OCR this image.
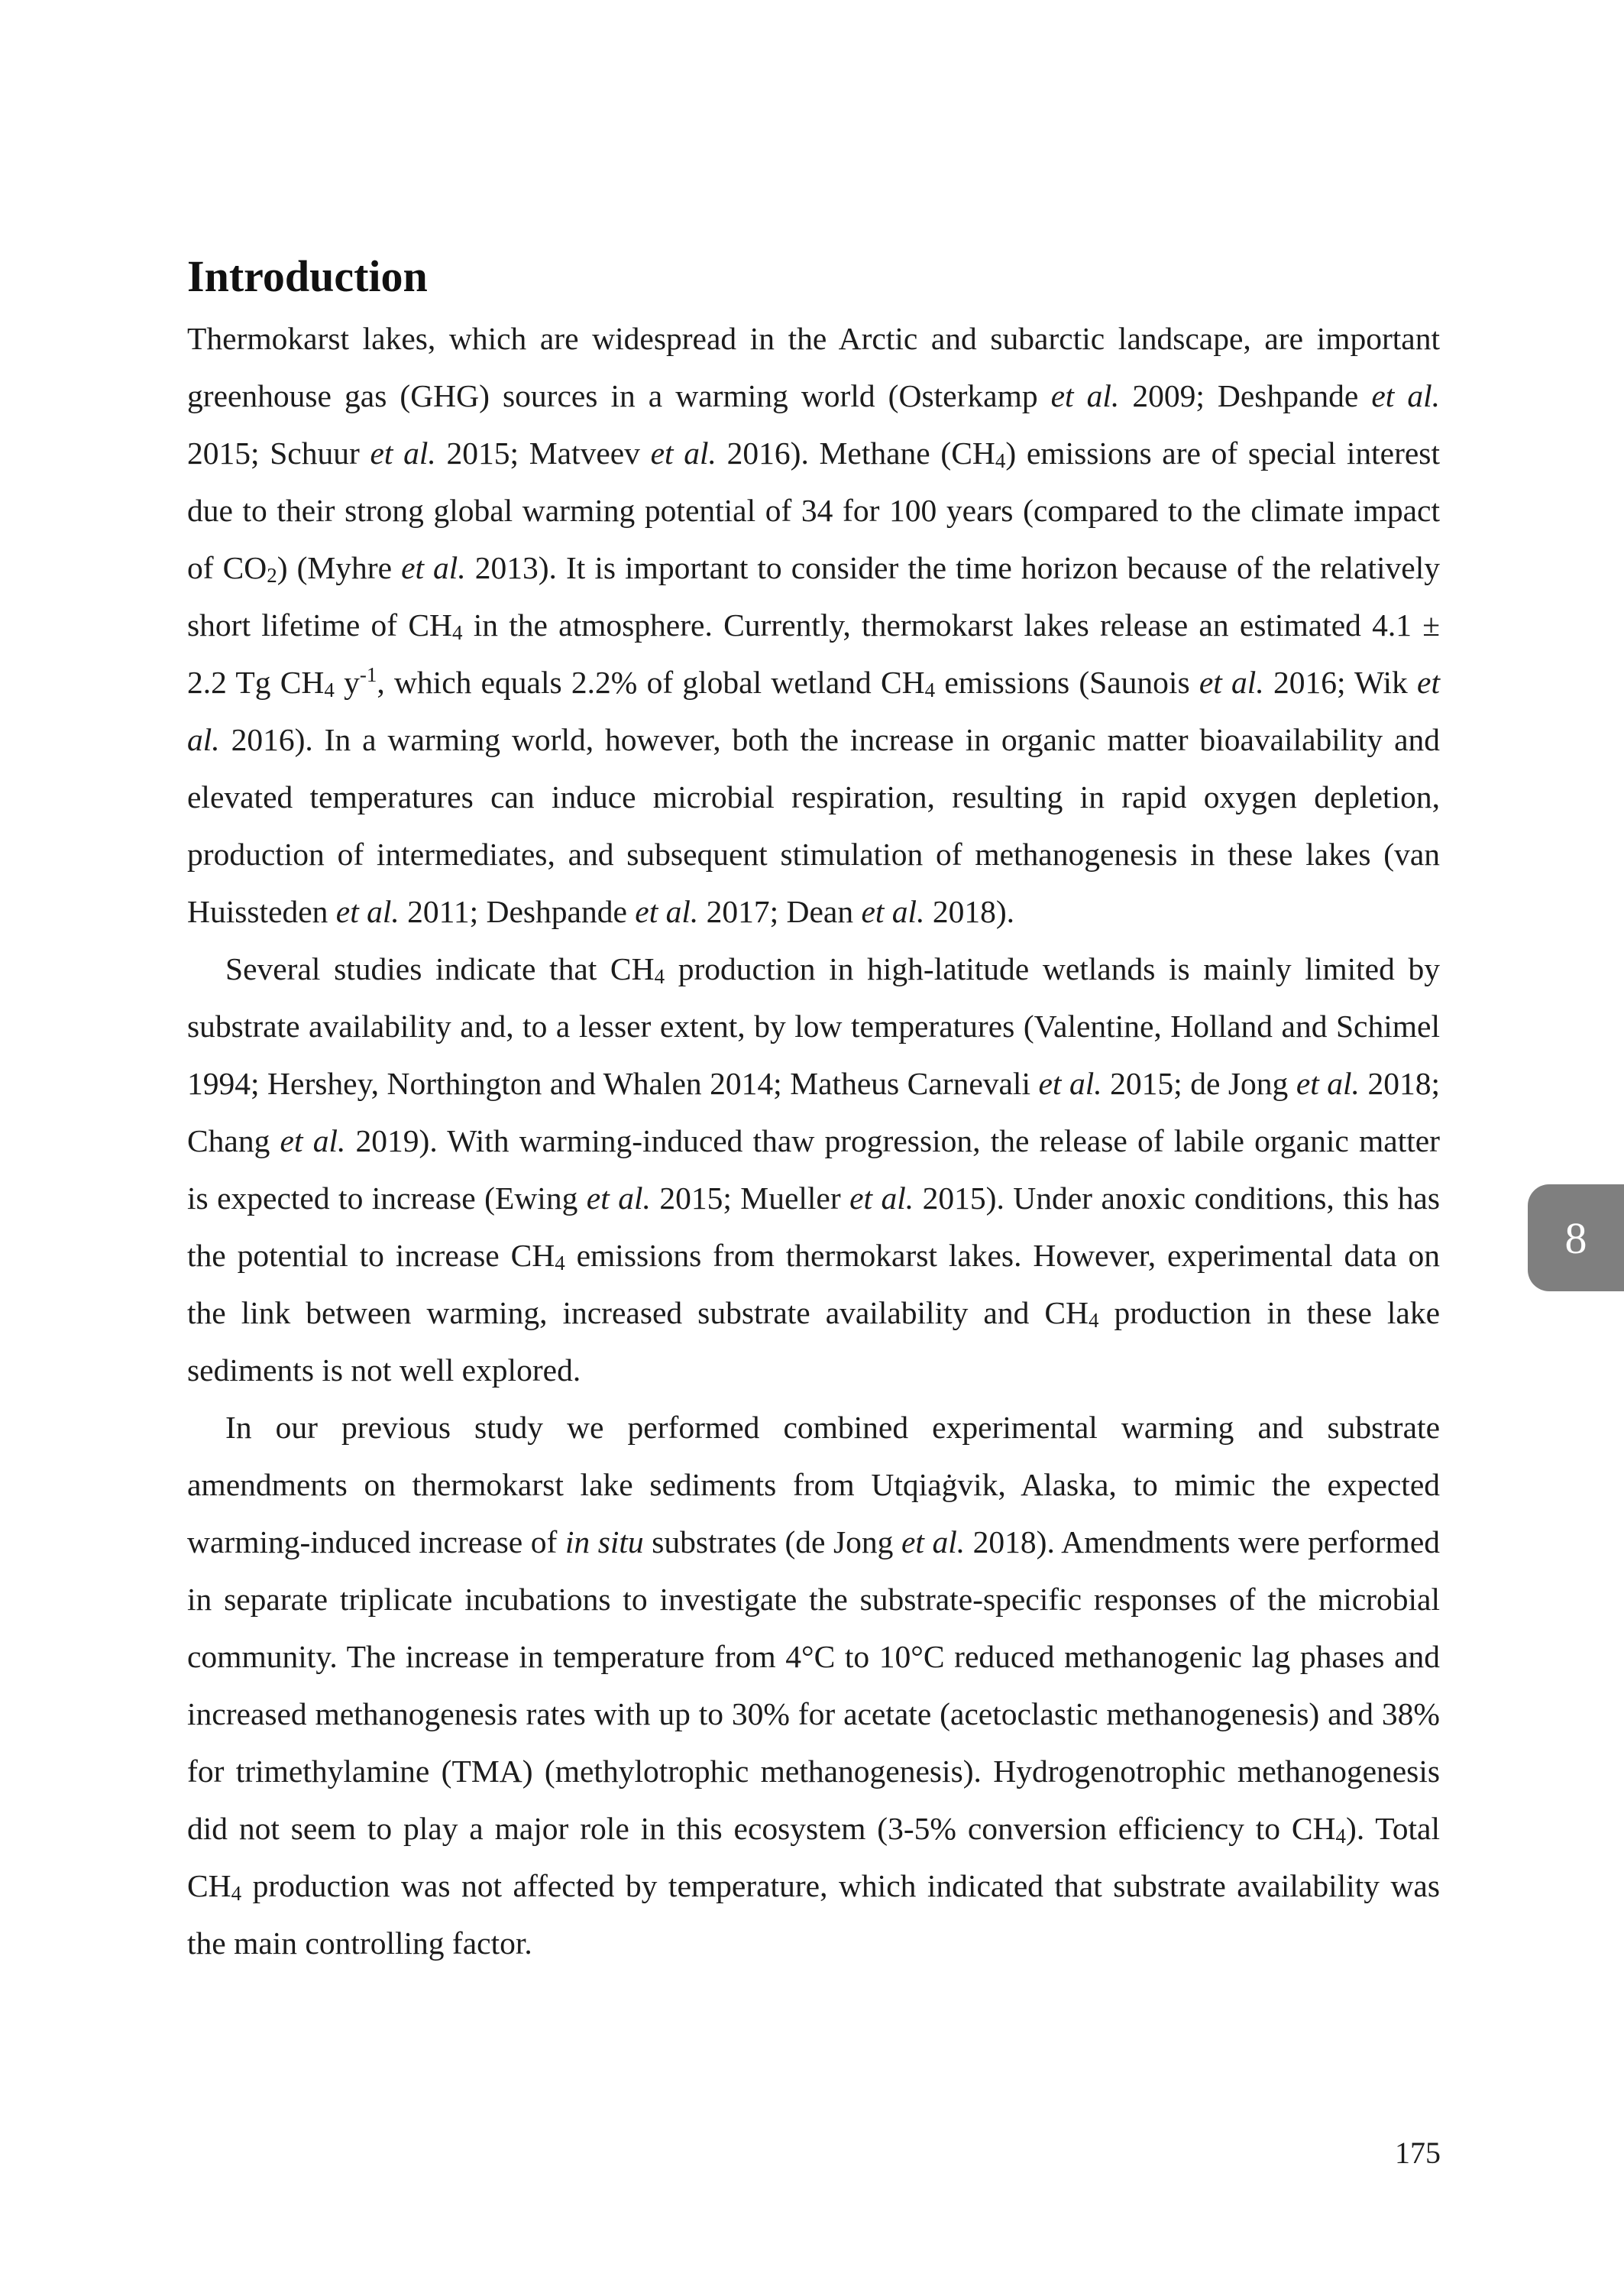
Introduction

Thermokarst lakes, which are widespread in the Arctic and subarctic landscape, are important greenhouse gas (GHG) sources in a warming world (Osterkamp et al. 2009; Deshpande et al. 2015; Schuur et al. 2015; Matveev et al. 2016). Methane $(CH_4)$ emissions are of special interest due to their strong global warming potential of 34 for 100 years (compared to the climate impact of $CO_2$) (Myhre et al. 2013). It is important to consider the time horizon because of the relatively short lifetime of $CH_4$ in the atmosphere. Currently, thermokarst lakes release an estimated 4.1 ± 2.2 Tg $CH_4$ $y^{-1}$, which equals 2.2% of global wetland $CH_4$ emissions (Saunois et al. 2016; Wik et al. 2016). In a warming world, however, both the increase in organic matter bioavailability and elevated temperatures can induce microbial respiration, resulting in rapid oxygen depletion, production of intermediates, and subsequent stimulation of methanogenesis in these lakes (van Huissteden et al. 2011; Deshpande et al. 2017; Dean et al. 2018).

Several studies indicate that $CH_4$ production in high-latitude wetlands is mainly limited by substrate availability and, to a lesser extent, by low temperatures (Valentine, Holland and Schimel 1994; Hershey, Northington and Whalen 2014; Matheus Carnevali et al. 2015; de Jong et al. 2018; Chang et al. 2019). With warming-induced thaw progression, the release of labile organic matter is expected to increase (Ewing et al. 2015; Mueller et al. 2015). Under anoxic conditions, this has the potential to increase $CH_4$ emissions from thermokarst lakes. However, experimental data on the link between warming, increased substrate availability and $CH_4$ production in these lake sediments is not well explored.

In our previous study we performed combined experimental warming and substrate amendments on thermokarst lake sediments from Utqiaġvik, Alaska, to mimic the expected warming-induced increase of in situ substrates (de Jong et al. 2018). Amendments were performed in separate triplicate incubations to investigate the substrate-specific responses of the microbial community. The increase in temperature from 4°C to 10°C reduced methanogenic lag phases and increased methanogenesis rates with up to 30% for acetate (acetoclastic methanogenesis) and 38% for trimethylamine (TMA) (methylotrophic methanogenesis). Hydrogenotrophic methanogenesis did not seem to play a major role in this ecosystem (3-5% conversion efficiency to $CH_4$). Total $CH_4$ production was not affected by temperature, which indicated that substrate availability was the main controlling factor.

8
175
